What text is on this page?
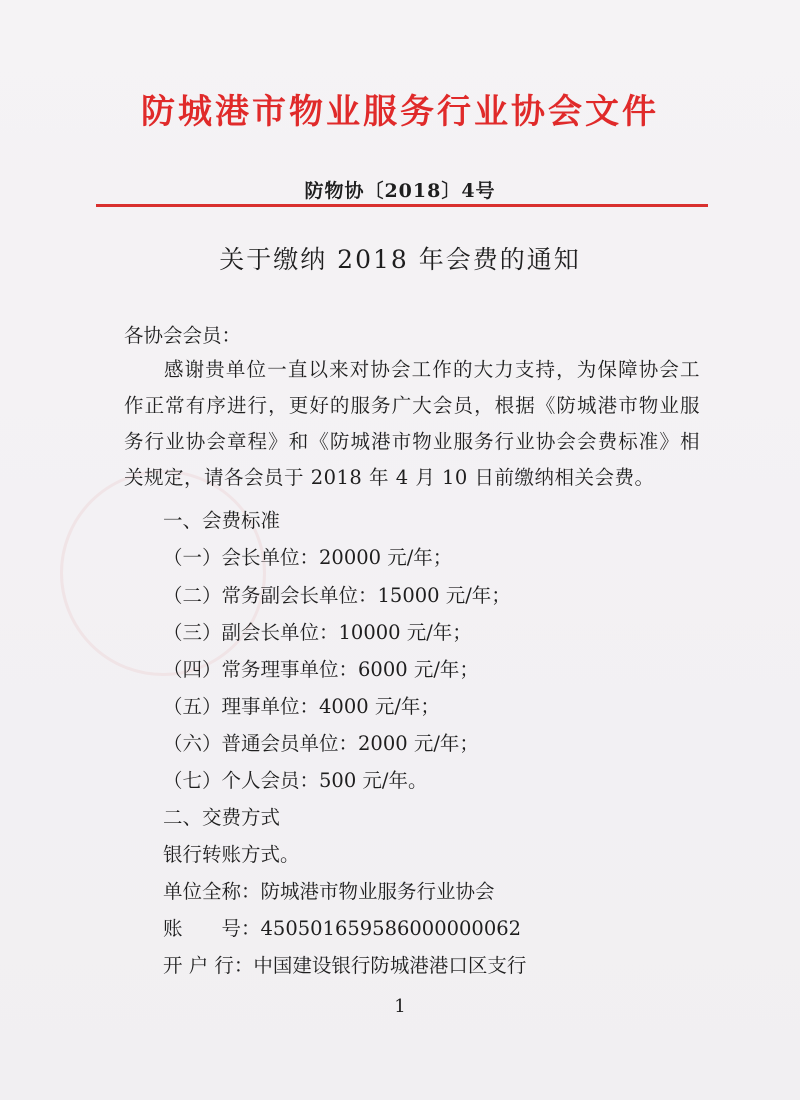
防城港市物业服务行业协会文件
防物协〔2018〕4号
关于缴纳 2018 年会费的通知
各协会会员：
感谢贵单位一直以来对协会工作的大力支持，为保障协会工作正常有序进行，更好的服务广大会员，根据《防城港市物业服务行业协会章程》和《防城港市物业服务行业协会会费标准》相关规定，请各会员于 2018 年 4 月 10 日前缴纳相关会费。
一、会费标准
（一）会长单位：20000 元/年；
（二）常务副会长单位：15000 元/年；
（三）副会长单位：10000 元/年；
（四）常务理事单位：6000 元/年；
（五）理事单位：4000 元/年；
（六）普通会员单位：2000 元/年；
（七）个人会员：500 元/年。
二、交费方式
银行转账方式。
单位全称：防城港市物业服务行业协会
账　　号：450501659586000000062
开 户 行：中国建设银行防城港港口区支行
1
